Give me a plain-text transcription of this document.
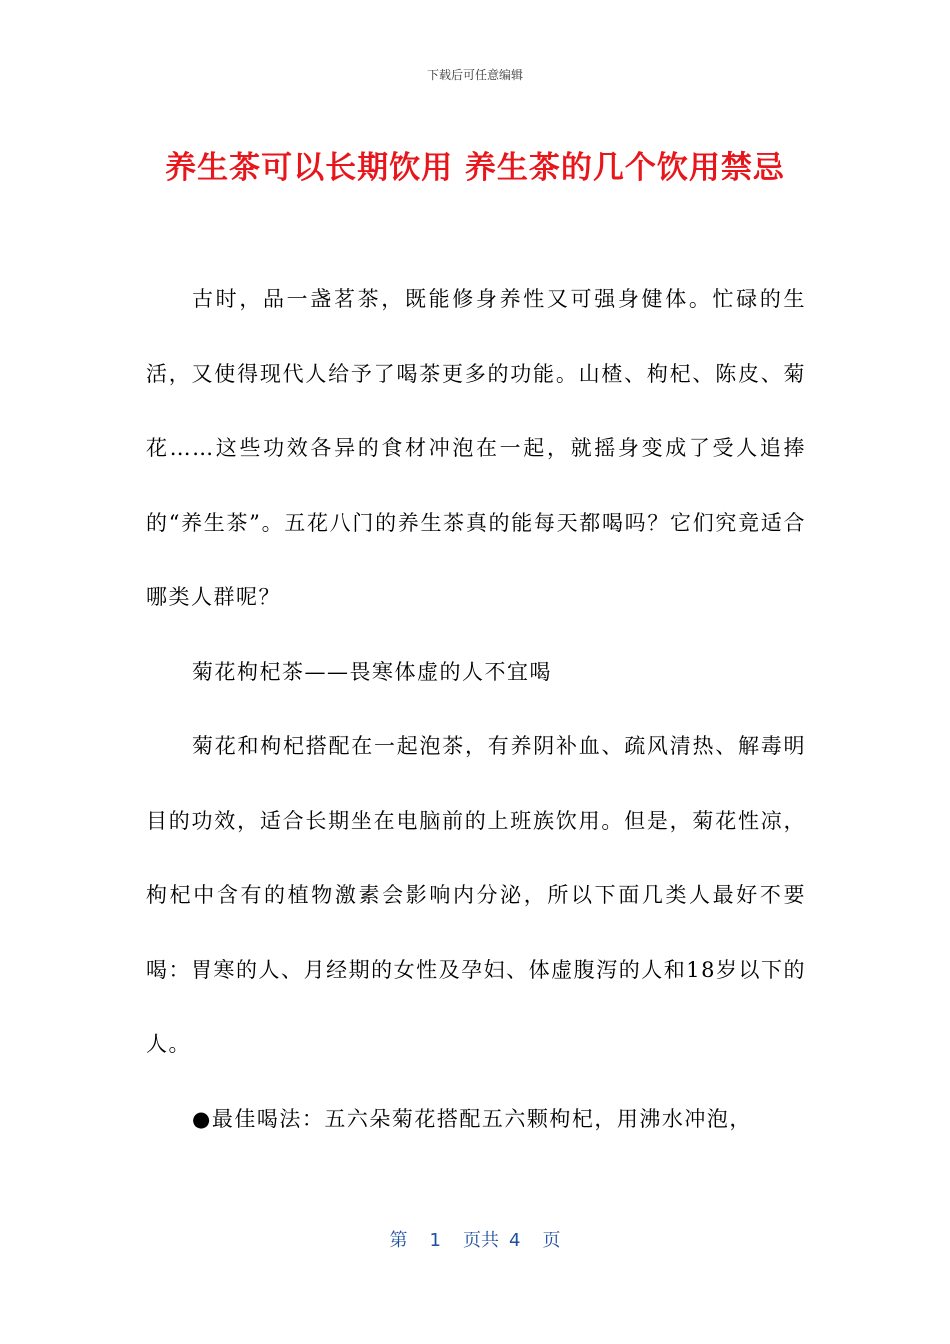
下载后可任意编辑
养生茶可以长期饮用 养生茶的几个饮用禁忌

古时，品一盏茗茶，既能修身养性又可强身健体。忙碌的生活，又使得现代人给予了喝茶更多的功能。山楂、枸杞、陈皮、菊花……这些功效各异的食材冲泡在一起，就摇身变成了受人追捧的“养生茶”。五花八门的养生茶真的能每天都喝吗？它们究竟适合哪类人群呢？

菊花枸杞茶——畏寒体虚的人不宜喝

菊花和枸杞搭配在一起泡茶，有养阴补血、疏风清热、解毒明目的功效，适合长期坐在电脑前的上班族饮用。但是，菊花性凉，枸杞中含有的植物激素会影响内分泌，所以下面几类人最好不要喝：胃寒的人、月经期的女性及孕妇、体虚腹泻的人和18岁以下的人。

●最佳喝法：五六朵菊花搭配五六颗枸杞，用沸水冲泡，

第 1 页共 4 页
